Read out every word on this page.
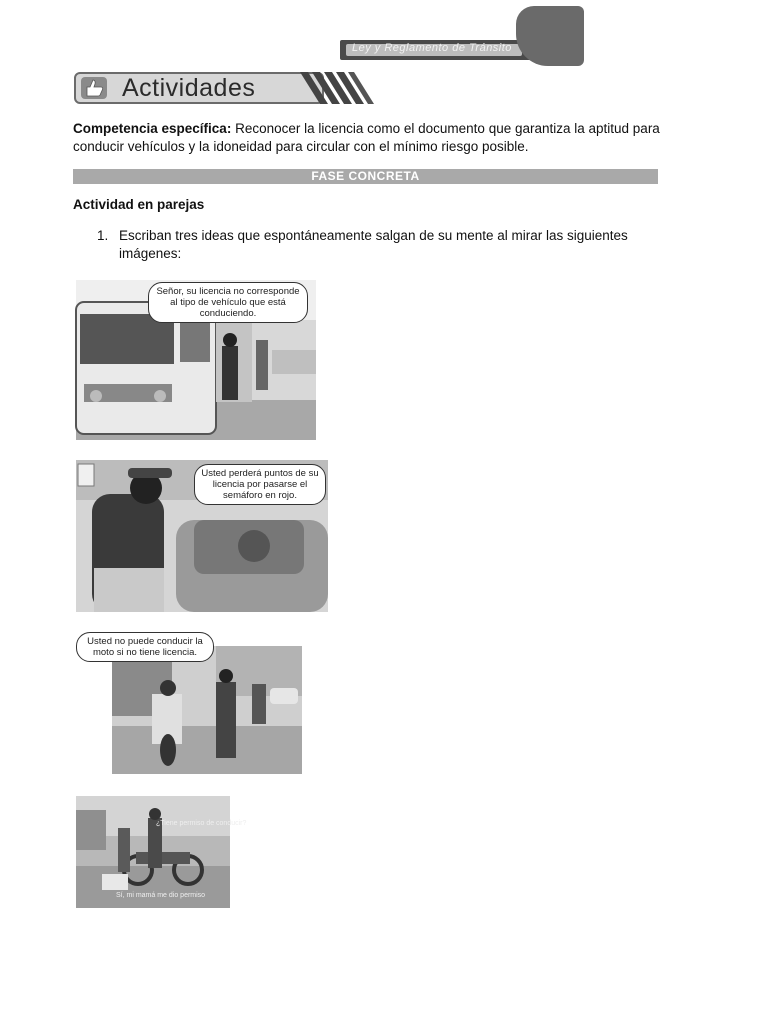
Ley y Reglamento de Tránsito
Actividades

Competencia específica: Reconocer la licencia como el documento que garantiza la aptitud para conducir vehículos y la idoneidad para circular con el mínimo riesgo posible.

FASE CONCRETA
Actividad en parejas
1. Escriban tres ideas que espontáneamente salgan de su mente al mirar las siguientes imágenes:
Señor, su licencia no corresponde al tipo de vehículo que está conduciendo.
Usted perderá puntos de su licencia por pasarse el semáforo en rojo.
Usted no puede conducir la moto si no tiene licencia.
¿Tiene permiso de conducir?
Sí, mi mamá me dio permiso
